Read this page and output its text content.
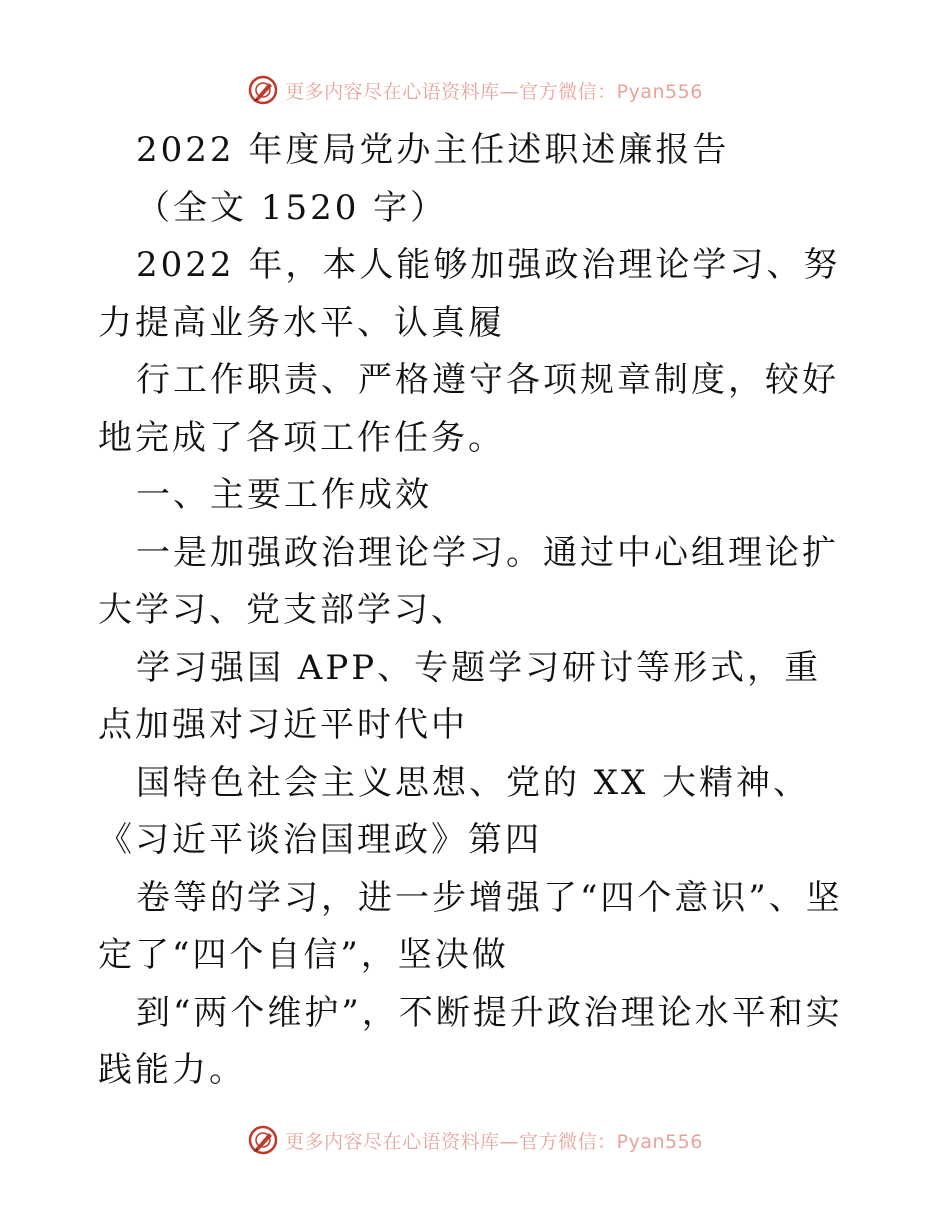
更多内容尽在心语资料库—官方微信：Pyan556

2022 年度局党办主任述职述廉报告

（全文 1520 字）

2022 年，本人能够加强政治理论学习、努力提高业务水平、认真履

行工作职责、严格遵守各项规章制度，较好地完成了各项工作任务。

一、主要工作成效

一是加强政治理论学习。通过中心组理论扩大学习、党支部学习、

学习强国 APP、专题学习研讨等形式，重点加强对习近平时代中

国特色社会主义思想、党的 XX 大精神、《习近平谈治国理政》第四

卷等的学习，进一步增强了“四个意识”、坚定了“四个自信”，坚决做

到“两个维护”，不断提升政治理论水平和实践能力。

更多内容尽在心语资料库—官方微信：Pyan556
